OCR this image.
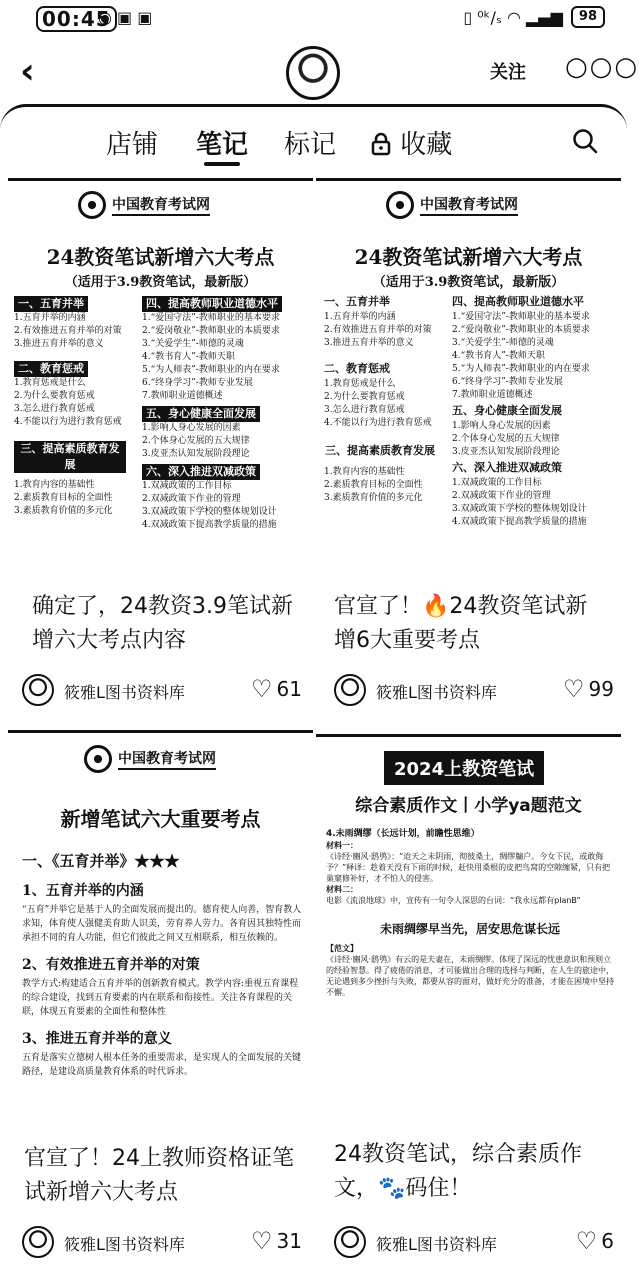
00:45
◉ ▣ ▣	▯ ⁰ᵏ/ₛ ◠ ▂▄▆	98
‹	关注 ○○○
店铺 笔记 标记	收藏
中国教育考试网
24教资笔试新增六大考点
（适用于3.9教资笔试，最新版）
一、五育并举
1.五育并举的内涵
2.有效推进五育并举的对策
3.推进五育并举的意义
二、教育惩戒
1.教育惩戒是什么
2.为什么要教育惩戒
3.怎么进行教育惩戒
4.不能以行为进行教育惩戒
三、提高素质教育发展
1.教育内容的基础性
2.素质教育目标的全面性
3.素质教育价值的多元化
四、提高教师职业道德水平
1.“爱国守法”-教师职业的基本要求
2.“爱岗敬业”-教师职业的本质要求
3.“关爱学生”-师德的灵魂
4.“教书育人”-教师天职
5.“为人师表”-教师职业的内在要求
6.“终身学习”-教师专业发展
7.教师职业道德概述
五、身心健康全面发展
1.影响人身心发展的因素
2.个体身心发展的五大规律
3.皮亚杰认知发展阶段理论
六、深入推进双减政策
1.双减政策的工作目标
2.双减政策下作业的管理
3.双减政策下学校的整体规划设计
4.双减政策下提高教学质量的措施
确定了，24教资3.9笔试新增六大考点内容
筱雅L图书资料库	♡ 61
中国教育考试网
24教资笔试新增六大考点
（适用于3.9教资笔试，最新版）
一、五育并举
1.五育并举的内涵
2.有效推进五育并举的对策
3.推进五育并举的意义
二、教育惩戒
1.教育惩戒是什么
2.为什么要教育惩戒
3.怎么进行教育惩戒
4.不能以行为进行教育惩戒
三、提高素质教育发展
1.教育内容的基础性
2.素质教育目标的全面性
3.素质教育价值的多元化
四、提高教师职业道德水平
1.“爱国守法”-教师职业的基本要求
2.“爱岗敬业”-教师职业的本质要求
3.“关爱学生”-师德的灵魂
4.“教书育人”-教师天职
5.“为人师表”-教师职业的内在要求
6.“终身学习”-教师专业发展
7.教师职业道德概述
五、身心健康全面发展
1.影响人身心发展的因素
2.个体身心发展的五大规律
3.皮亚杰认知发展阶段理论
六、深入推进双减政策
1.双减政策的工作目标
2.双减政策下作业的管理
3.双减政策下学校的整体规划设计
4.双减政策下提高教学质量的措施
官宣了！🔥24教资笔试新增6大重要考点
筱雅L图书资料库	♡ 99
中国教育考试网
新增笔试六大重要考点
一、《五育并举》★★★
1、五育并举的内涵
“五育”并举它是基于人的全面发展而提出的。德育使人向善，智育教人求知，体育使人强健美育助人识美，劳育养人劳力。各育因其独特性而承担不同的育人功能，但它们彼此之间又互相联系，相互依赖的。
2、有效推进五育并举的对策
教学方式:构建适合五育并举的创新教育模式。教学内容:重视五育课程的综合建设，找到五育要素的内在联系和衔接性。关注各育课程的关联，体现五育要素的全面性和整体性
3、推进五育并举的意义
五育是落实立德树人根本任务的重要需求，是实现人的全面发展的关键路径，是建设高质量教育体系的时代诉求。
官宣了！24上教师资格证笔试新增六大考点
筱雅L图书资料库	♡ 31
2024上教资笔试
综合素质作文丨小学ya题范文
4.未雨绸缪（长远计划，前瞻性思维）
材料一：
《诗经·豳风·鸱鸮》：“迨天之未阴雨，彻彼桑土，绸缪牖户。今女下民，或敢侮予？”释译：趁着天没有下雨的时候，赶快用桑根的皮把鸟窝的空隙缠紧，只有把巢窠修补好，才不怕人的侵害。
材料二：
电影《流浪地球》中，宣传有一句令人深思的台词：“我永远都有planB”
未雨绸缪早当先，居安思危谋长远
【范文】
《诗经·豳风·鸱鸮》有云的是夫妻在，未雨绸缪。体现了深远的忧患意识和预则立的经验智慧。得了疲倦的消息，才可能做出合理的选择与判断，在人生的旅途中，无论遇到多少挫折与失败，都要从容的面对，做好充分的准备，才能在困境中坚持不懈。
24教资笔试，综合素质作文，🐾码住！
筱雅L图书资料库	♡ 6
